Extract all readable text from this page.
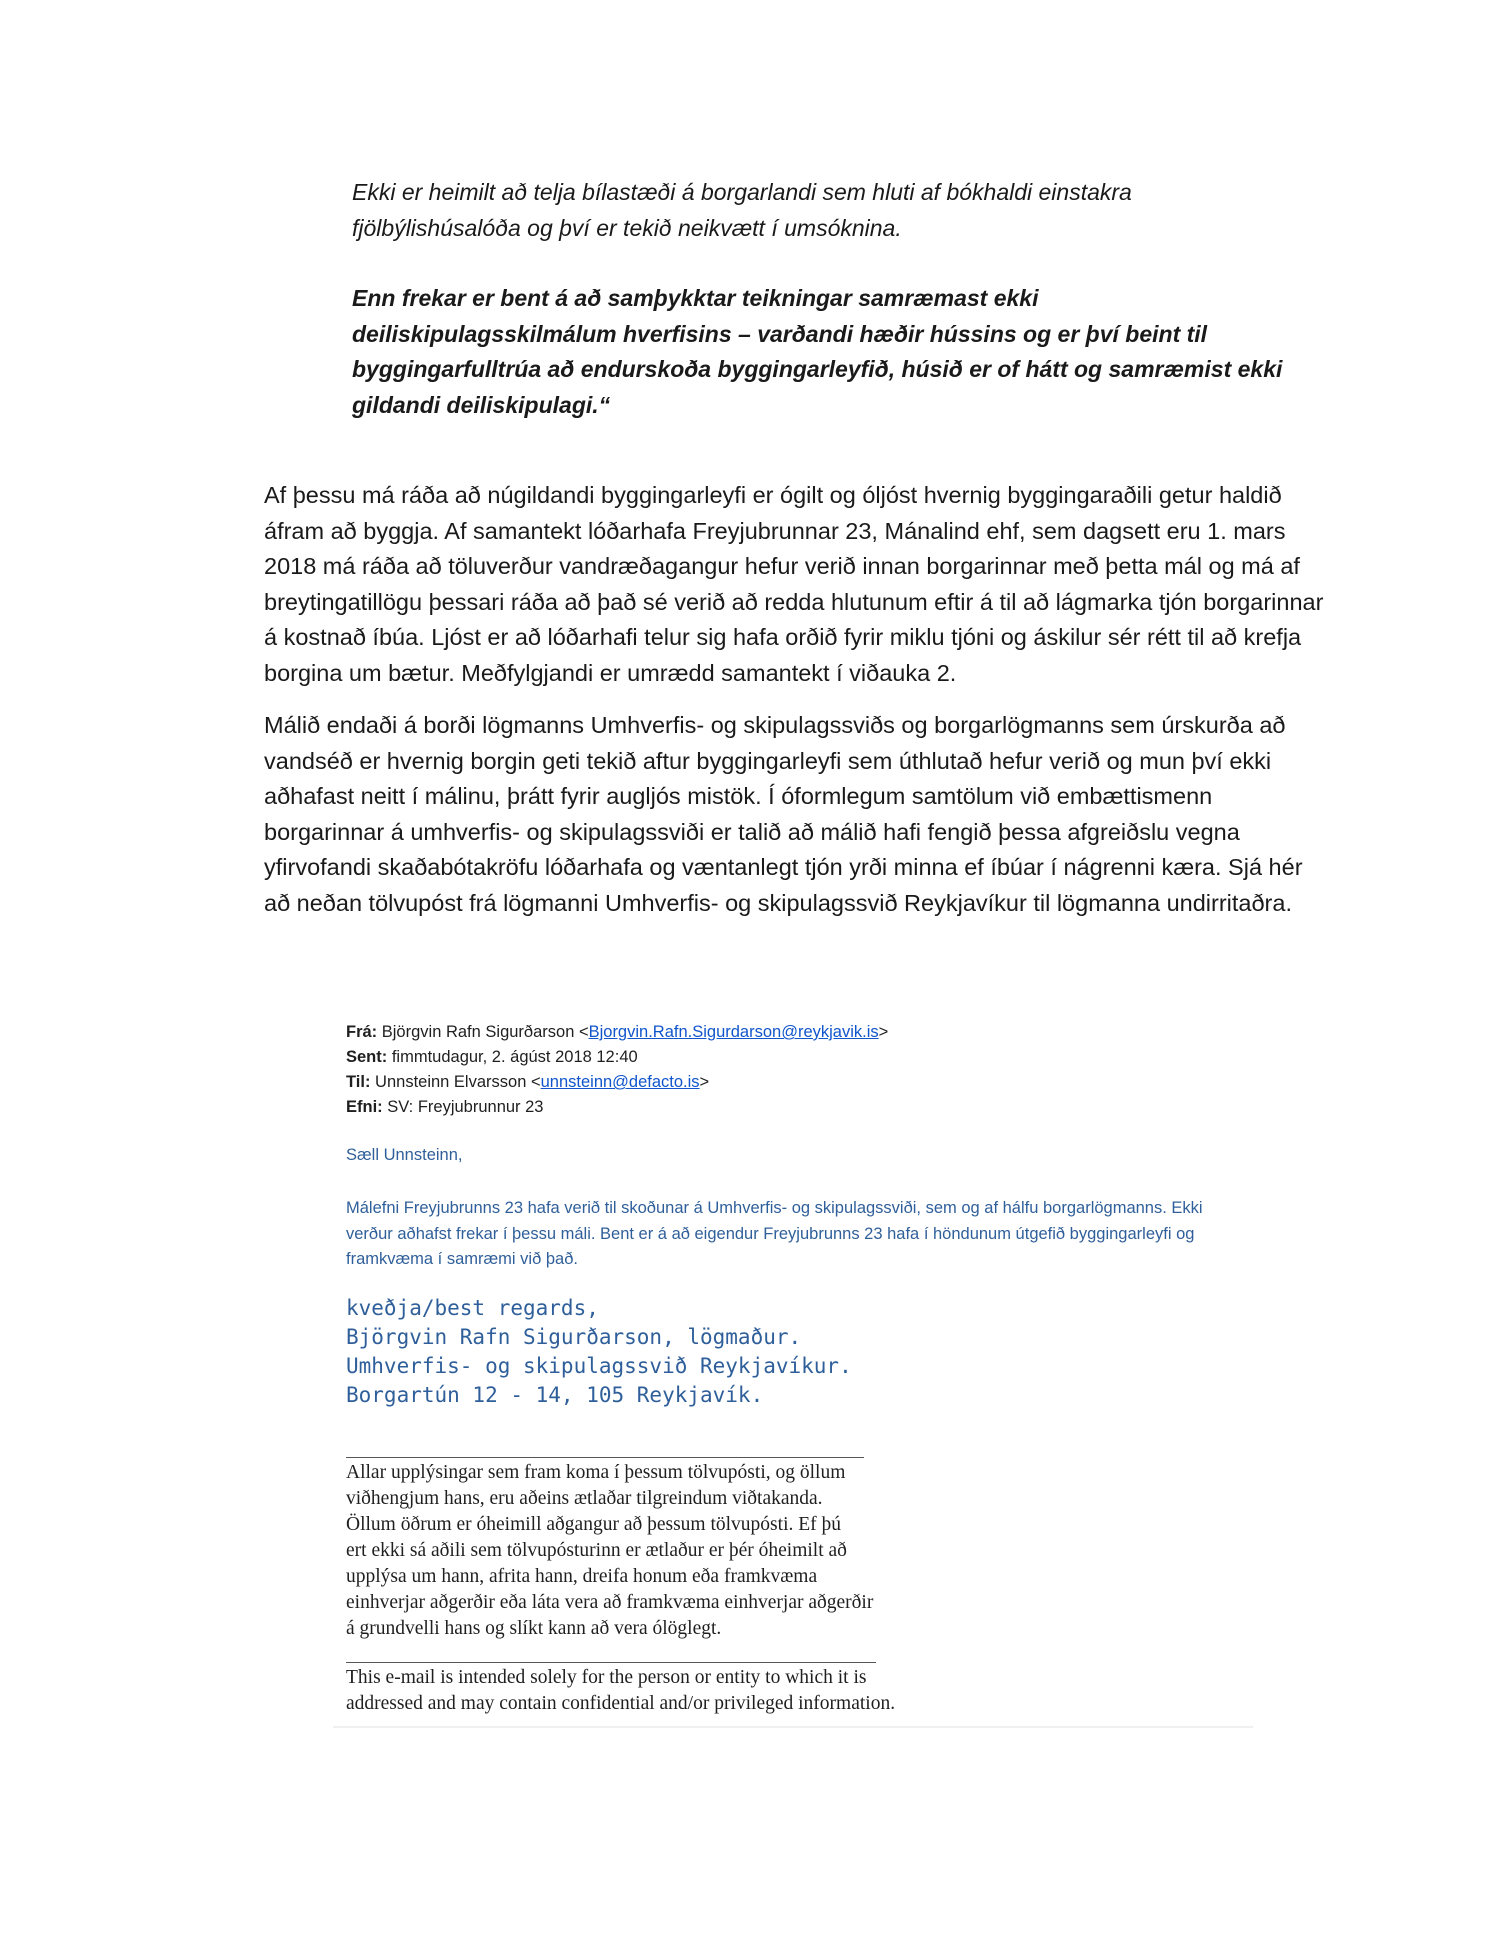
Ekki er heimilt að telja bílastæði á borgarlandi sem hluti af bókhaldi einstakra fjölbýlishúsalóða og því er tekið neikvætt í umsóknina.

Enn frekar er bent á að samþykktar teikningar samræmast ekki deiliskipulagsskilmálum hverfisins – varðandi hæðir hússins og er því beint til byggingarfulltrúa að endurskoða byggingarleyfið, húsið er of hátt og samræmist ekki gildandi deiliskipulagi.“

Af þessu má ráða að núgildandi byggingarleyfi er ógilt og óljóst hvernig byggingaraðili getur haldið áfram að byggja. Af samantekt lóðarhafa Freyjubrunnar 23, Mánalind ehf, sem dagsett eru 1. mars 2018 má ráða að töluverður vandræðagangur hefur verið innan borgarinnar með þetta mál og má af breytingatillögu þessari ráða að það sé verið að redda hlutunum eftir á til að lágmarka tjón borgarinnar á kostnað íbúa. Ljóst er að lóðarhafi telur sig hafa orðið fyrir miklu tjóni og áskilur sér rétt til að krefja borgina um bætur. Meðfylgjandi er umrædd samantekt í viðauka 2.

Málið endaði á borði lögmanns Umhverfis- og skipulagssviðs og borgarlögmanns sem úrskurða að vandséð er hvernig borgin geti tekið aftur byggingarleyfi sem úthlutað hefur verið og mun því ekki aðhafast neitt í málinu, þrátt fyrir augljós mistök. Í óformlegum samtölum við embættismenn borgarinnar á umhverfis- og skipulagssviði er talið að málið hafi fengið þessa afgreiðslu vegna yfirvofandi skaðabótakröfu lóðarhafa og væntanlegt tjón yrði minna ef íbúar í nágrenni kæra. Sjá hér að neðan tölvupóst frá lögmanni Umhverfis- og skipulagssvið Reykjavíkur til lögmanna undirritaðra.

Frá: Björgvin Rafn Sigurðarson <Bjorgvin.Rafn.Sigurdarson@reykjavik.is>
Sent: fimmtudagur, 2. ágúst 2018 12:40
Til: Unnsteinn Elvarsson <unnsteinn@defacto.is>
Efni: SV: Freyjubrunnur 23
Sæll Unnsteinn,
Málefni Freyjubrunns 23 hafa verið til skoðunar á Umhverfis- og skipulagssviði, sem og af hálfu borgarlögmanns. Ekki verður aðhafst frekar í þessu máli. Bent er á að eigendur Freyjubrunns 23 hafa í höndunum útgefið byggingarleyfi og framkvæma í samræmi við það.
kveðja/best regards,
Björgvin Rafn Sigurðarson, lögmaður.
Umhverfis- og skipulagssvið Reykjavíkur.
Borgartún 12 - 14, 105 Reykjavík.
Allar upplýsingar sem fram koma í þessum tölvupósti, og öllum
viðhengjum hans, eru aðeins ætlaðar tilgreindum viðtakanda.
Öllum öðrum er óheimill aðgangur að þessum tölvupósti. Ef þú
ert ekki sá aðili sem tölvupósturinn er ætlaður er þér óheimilt að
upplýsa um hann, afrita hann, dreifa honum eða framkvæma
einhverjar aðgerðir eða láta vera að framkvæma einhverjar aðgerðir
á grundvelli hans og slíkt kann að vera ólöglegt.
This e-mail is intended solely for the person or entity to which it is
addressed and may contain confidential and/or privileged information.
